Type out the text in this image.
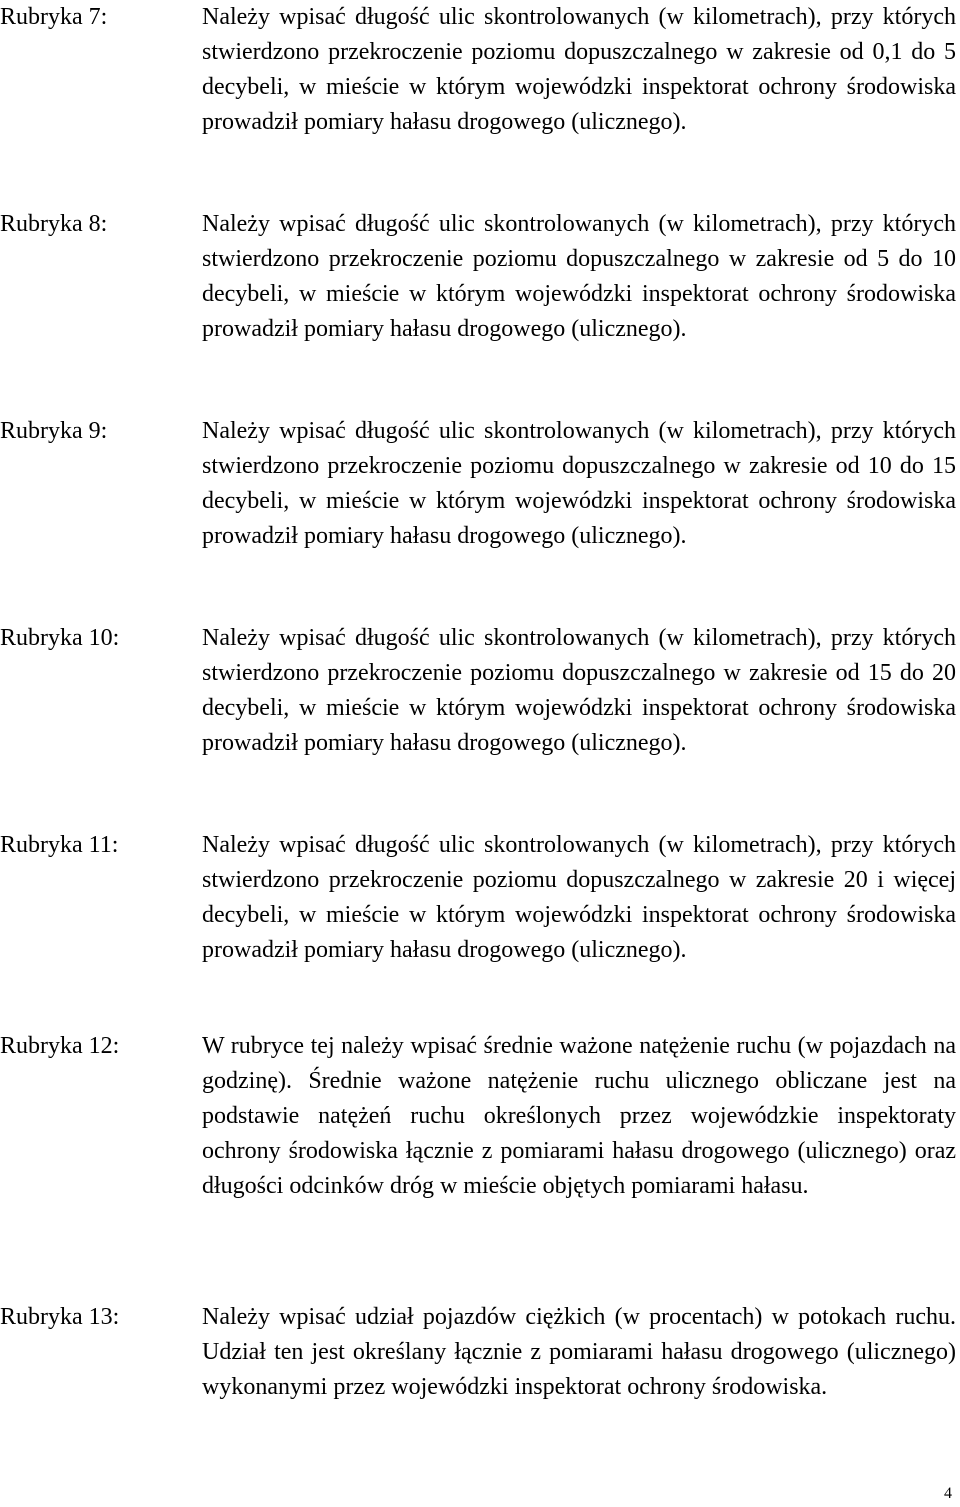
Rubryka 7:	Należy wpisać długość ulic skontrolowanych (w kilometrach), przy których stwierdzono przekroczenie poziomu dopuszczalnego w zakresie od 0,1 do 5 decybeli, w mieście w którym wojewódzki inspektorat ochrony środowiska prowadził pomiary hałasu drogowego (ulicznego).
Rubryka 8:	Należy wpisać długość ulic skontrolowanych (w kilometrach), przy których stwierdzono przekroczenie poziomu dopuszczalnego w zakresie od 5 do 10 decybeli, w mieście w którym wojewódzki inspektorat ochrony środowiska prowadził pomiary hałasu drogowego (ulicznego).
Rubryka 9:	Należy wpisać długość ulic skontrolowanych (w kilometrach), przy których stwierdzono przekroczenie poziomu dopuszczalnego w zakresie od 10 do 15 decybeli, w mieście w którym wojewódzki inspektorat ochrony środowiska prowadził pomiary hałasu drogowego (ulicznego).
Rubryka 10:	Należy wpisać długość ulic skontrolowanych (w kilometrach), przy których stwierdzono przekroczenie poziomu dopuszczalnego w zakresie od 15 do 20 decybeli, w mieście w którym wojewódzki inspektorat ochrony środowiska prowadził pomiary hałasu drogowego (ulicznego).
Rubryka 11:	Należy wpisać długość ulic skontrolowanych (w kilometrach), przy których stwierdzono przekroczenie poziomu dopuszczalnego w zakresie 20 i więcej decybeli, w mieście w którym wojewódzki inspektorat ochrony środowiska prowadził pomiary hałasu drogowego (ulicznego).
Rubryka 12:	W rubryce tej należy wpisać średnie ważone natężenie ruchu (w pojazdach na godzinę). Średnie ważone natężenie ruchu ulicznego obliczane jest na podstawie natężeń ruchu określonych przez wojewódzkie inspektoraty ochrony środowiska łącznie z pomiarami hałasu drogowego (ulicznego) oraz długości odcinków dróg w mieście objętych pomiarami hałasu.
Rubryka 13:	Należy wpisać udział pojazdów ciężkich (w procentach) w potokach ruchu. Udział ten jest określany łącznie z pomiarami hałasu drogowego (ulicznego) wykonanymi przez wojewódzki inspektorat ochrony środowiska.
4
